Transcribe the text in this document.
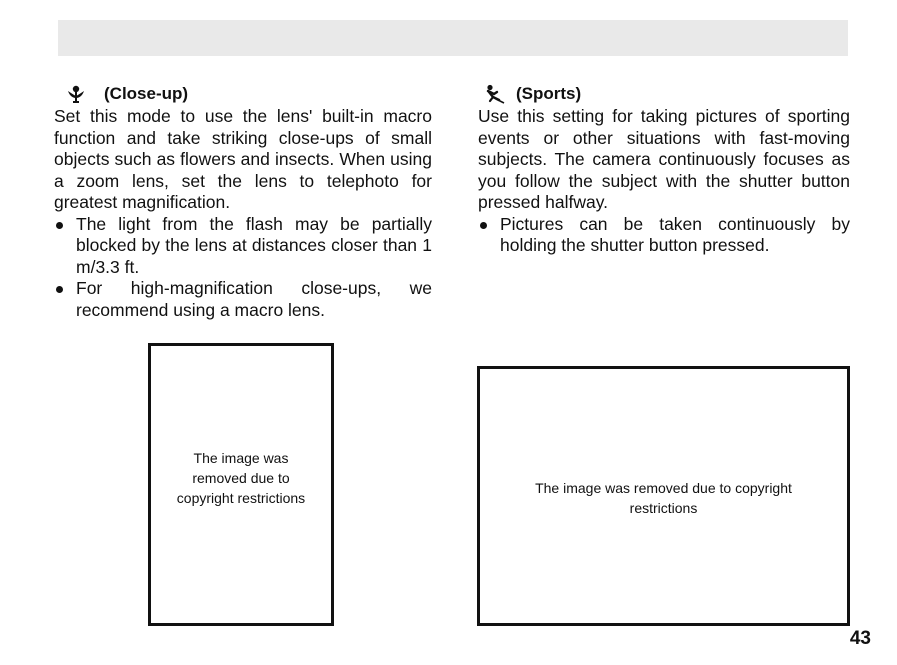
(Close-up)
Set this mode to use the lens' built-in macro function and take striking close-ups of small objects such as flowers and insects. When using a zoom lens, set the lens to telephoto for greatest magnification.
The light from the flash may be partially blocked by the lens at distances closer than 1 m/3.3 ft.
For high-magnification close-ups, we recommend using a macro lens.
(Sports)
Use this setting for taking pictures of sporting events or other situations with fast-moving subjects. The camera continuously focuses as you follow the subject with the shutter button pressed halfway.
Pictures can be taken continuously by holding the shutter button pressed.
The image was removed due to copyright restrictions
The image was removed due to copyright restrictions
43
